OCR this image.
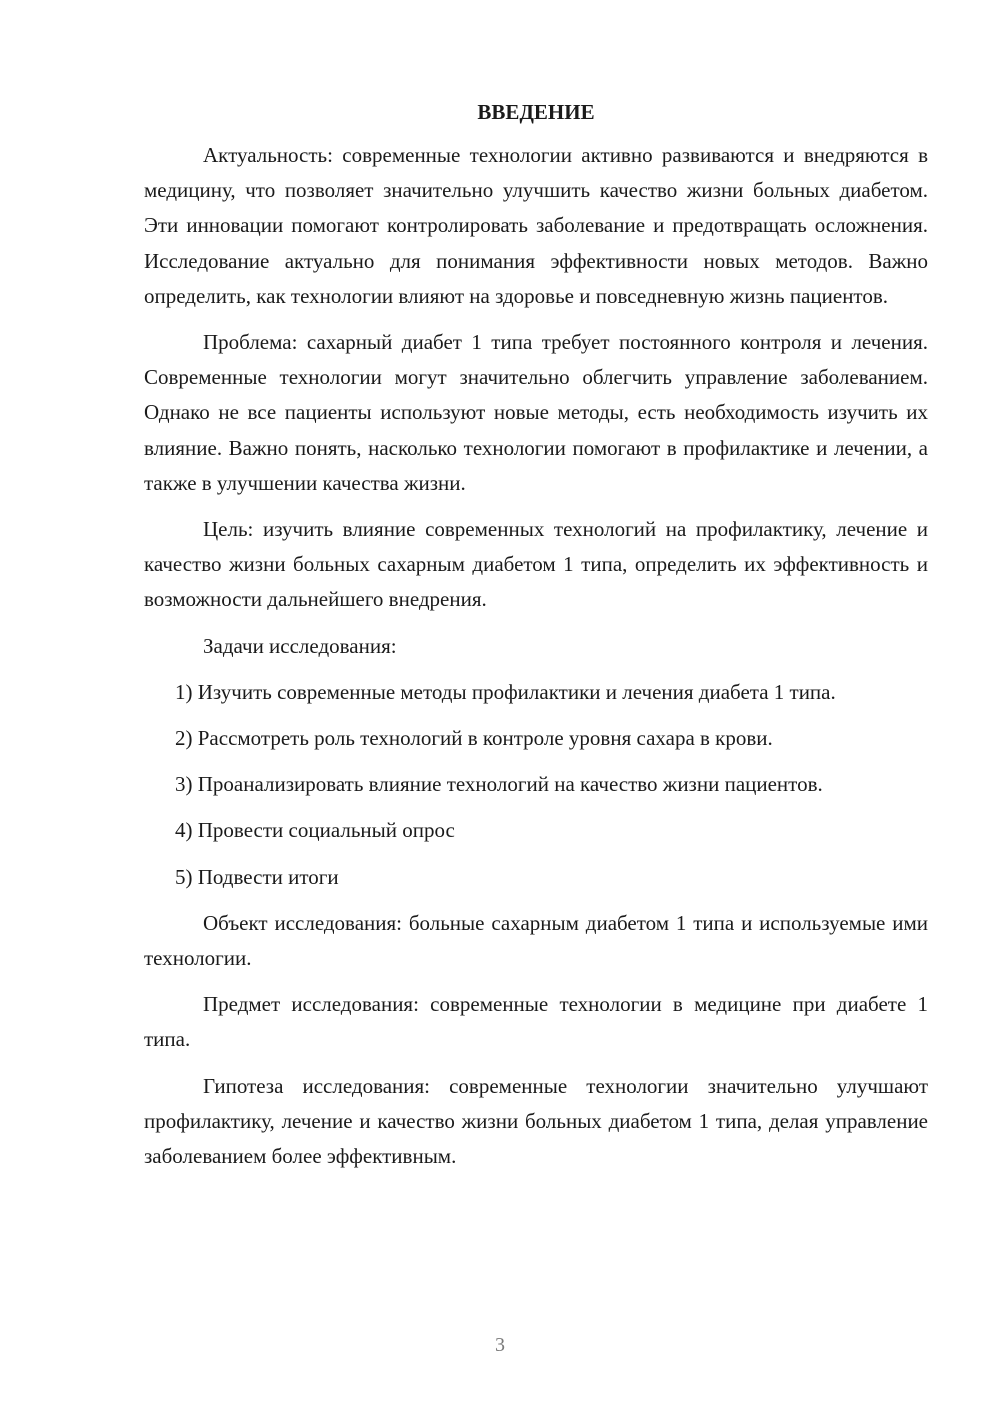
ВВЕДЕНИЕ

Актуальность: современные технологии активно развиваются и внедряются в медицину, что позволяет значительно улучшить качество жизни больных диабетом. Эти инновации помогают контролировать заболевание и предотвращать осложнения. Исследование актуально для понимания эффективности новых методов. Важно определить, как технологии влияют на здоровье и повседневную жизнь пациентов.

Проблема: сахарный диабет 1 типа требует постоянного контроля и лечения. Современные технологии могут значительно облегчить управление заболеванием. Однако не все пациенты используют новые методы, есть необходимость изучить их влияние. Важно понять, насколько технологии помогают в профилактике и лечении, а также в улучшении качества жизни.

Цель: изучить влияние современных технологий на профилактику, лечение и качество жизни больных сахарным диабетом 1 типа, определить их эффективность и возможности дальнейшего внедрения.

Задачи исследования:

1) Изучить современные методы профилактики и лечения диабета 1 типа.

2) Рассмотреть роль технологий в контроле уровня сахара в крови.

3) Проанализировать влияние технологий на качество жизни пациентов.

4) Провести социальный опрос

5) Подвести итоги

Объект исследования: больные сахарным диабетом 1 типа и используемые ими технологии.

Предмет исследования: современные технологии в медицине при диабете 1 типа.

Гипотеза исследования: современные технологии значительно улучшают профилактику, лечение и качество жизни больных диабетом 1 типа, делая управление заболеванием более эффективным.

3
